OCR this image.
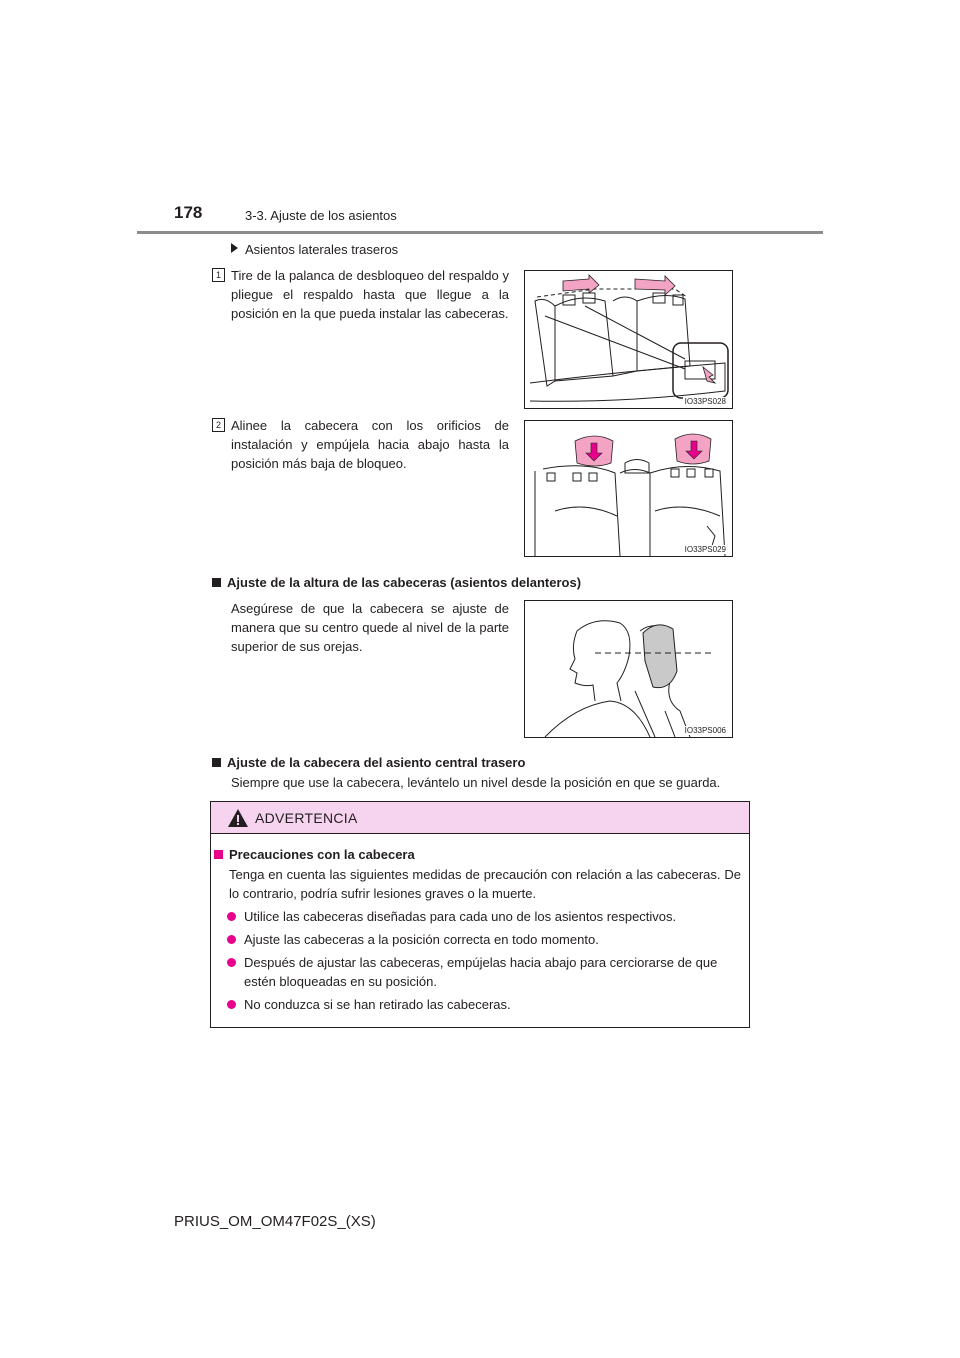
178	3-3. Ajuste de los asientos
Asientos laterales traseros
1 Tire de la palanca de desbloqueo del respaldo y pliegue el respaldo hasta que llegue a la posición en la que pueda instalar las cabeceras.
IO33PS028
2 Alinee la cabecera con los orificios de instalación y empújela hacia abajo hasta la posición más baja de bloqueo.
IO33PS029
Ajuste de la altura de las cabeceras (asientos delanteros)
Asegúrese de que la cabecera se ajuste de manera que su centro quede al nivel de la parte superior de sus orejas.
IO33PS006
Ajuste de la cabecera del asiento central trasero
Siempre que use la cabecera, levántelo un nivel desde la posición en que se guarda.
ADVERTENCIA
Precauciones con la cabecera
Tenga en cuenta las siguientes medidas de precaución con relación a las cabeceras. De lo contrario, podría sufrir lesiones graves o la muerte.
Utilice las cabeceras diseñadas para cada uno de los asientos respectivos.
Ajuste las cabeceras a la posición correcta en todo momento.
Después de ajustar las cabeceras, empújelas hacia abajo para cerciorarse de que estén bloqueadas en su posición.
No conduzca si se han retirado las cabeceras.
PRIUS_OM_OM47F02S_(XS)
